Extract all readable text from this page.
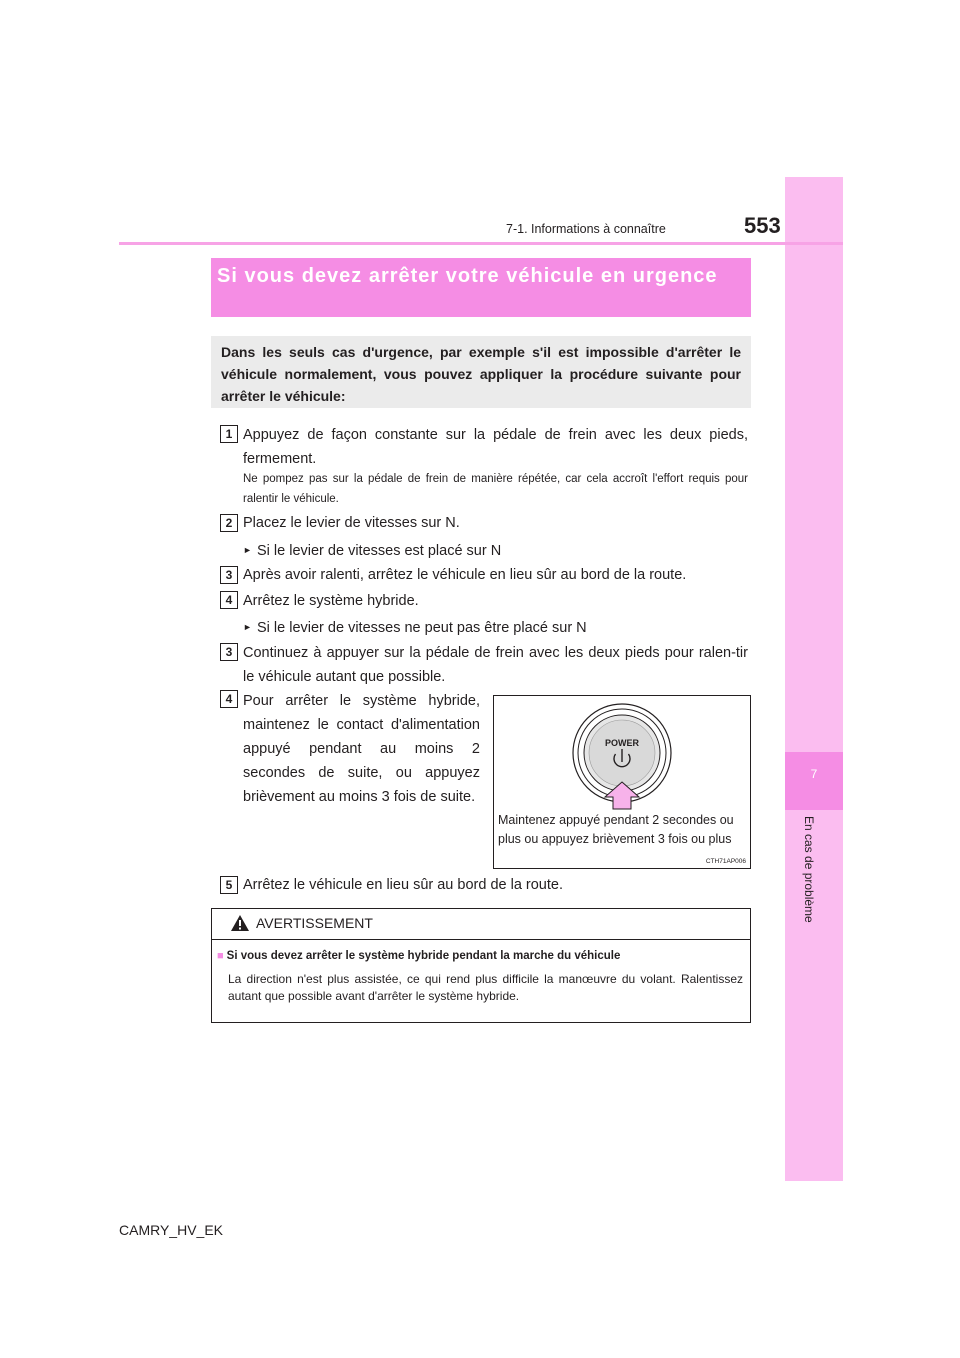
7
En cas de problème
7-1. Informations à connaître	553
Si vous devez arrêter votre véhicule en urgence
Dans les seuls cas d'urgence, par exemple s'il est impossible d'arrêter le véhicule normalement, vous pouvez appliquer la procédure suivante pour arrêter le véhicule:
1 Appuyez de façon constante sur la pédale de frein avec les deux pieds, fermement.
Ne pompez pas sur la pédale de frein de manière répétée, car cela accroît l'effort requis pour ralentir le véhicule.
2 Placez le levier de vitesses sur N.
► Si le levier de vitesses est placé sur N
3 Après avoir ralenti, arrêtez le véhicule en lieu sûr au bord de la route.
4 Arrêtez le système hybride.
► Si le levier de vitesses ne peut pas être placé sur N
3 Continuez à appuyer sur la pédale de frein avec les deux pieds pour ralen-tir le véhicule autant que possible.
4 Pour arrêter le système hybride, maintenez le contact d'alimentation appuyé pendant au moins 2 secondes de suite, ou appuyez brièvement au moins 3 fois de suite.
POWER
Maintenez appuyé pendant 2 secondes ou plus ou appuyez brièvement 3 fois ou plus
CTH71AP006
5 Arrêtez le véhicule en lieu sûr au bord de la route.
AVERTISSEMENT
■ Si vous devez arrêter le système hybride pendant la marche du véhicule
La direction n'est plus assistée, ce qui rend plus difficile la manœuvre du volant. Ralentissez autant que possible avant d'arrêter le système hybride.
CAMRY_HV_EK
